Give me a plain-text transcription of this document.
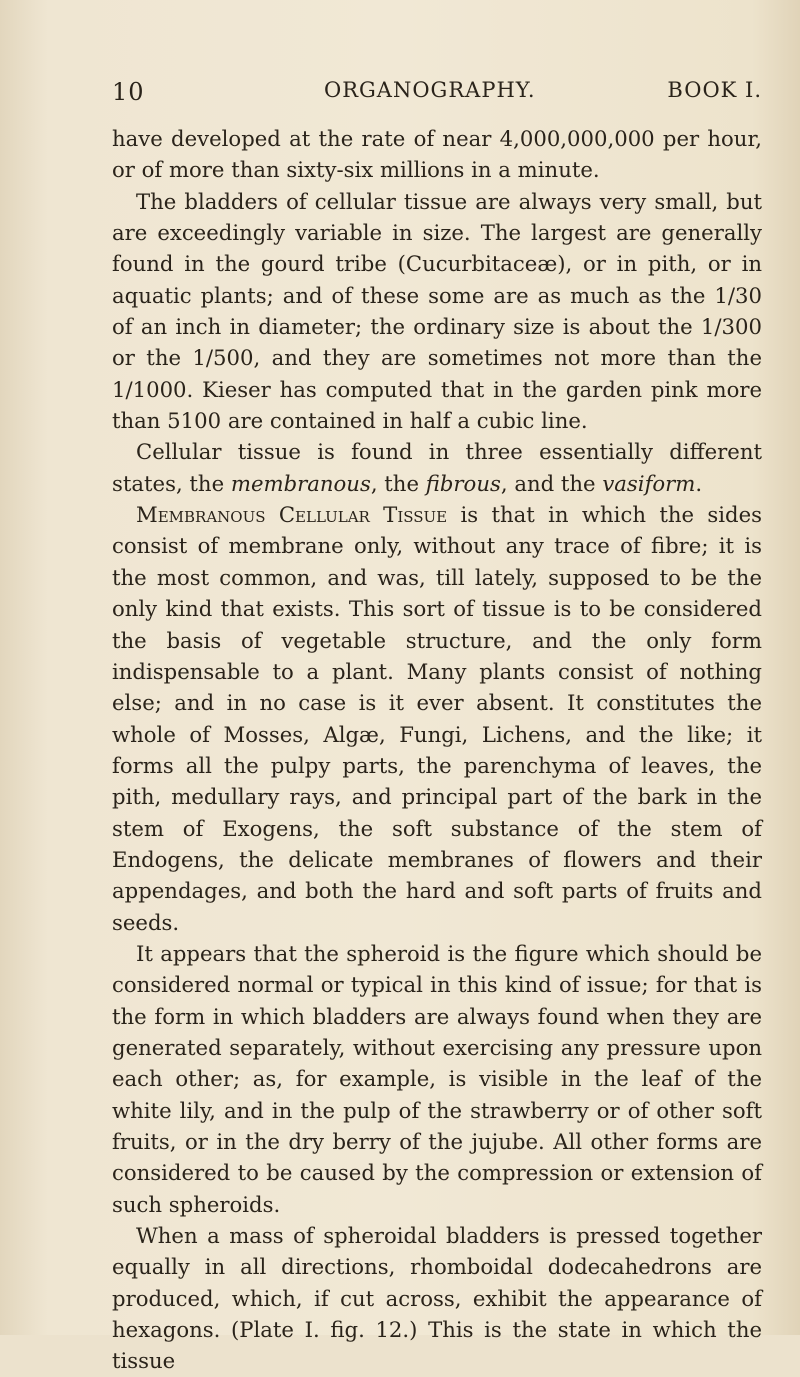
10	ORGANOGRAPHY.	BOOK I.

have developed at the rate of near 4,000,000,000 per hour, or of more than sixty-six millions in a minute.

The bladders of cellular tissue are always very small, but are exceedingly variable in size. The largest are generally found in the gourd tribe (Cucurbitaceæ), or in pith, or in aquatic plants; and of these some are as much as the 1/30 of an inch in diameter; the ordinary size is about the 1/300 or the 1/500, and they are sometimes not more than the 1/1000. Kieser has computed that in the garden pink more than 5100 are contained in half a cubic line.

Cellular tissue is found in three essentially different states, the membranous, the fibrous, and the vasiform.

Membranous Cellular Tissue is that in which the sides consist of membrane only, without any trace of fibre; it is the most common, and was, till lately, supposed to be the only kind that exists. This sort of tissue is to be considered the basis of vegetable structure, and the only form indispensable to a plant. Many plants consist of nothing else; and in no case is it ever absent. It constitutes the whole of Mosses, Algæ, Fungi, Lichens, and the like; it forms all the pulpy parts, the parenchyma of leaves, the pith, medullary rays, and principal part of the bark in the stem of Exogens, the soft substance of the stem of Endogens, the delicate membranes of flowers and their appendages, and both the hard and soft parts of fruits and seeds.

It appears that the spheroid is the figure which should be considered normal or typical in this kind of issue; for that is the form in which bladders are always found when they are generated separately, without exercising any pressure upon each other; as, for example, is visible in the leaf of the white lily, and in the pulp of the strawberry or of other soft fruits, or in the dry berry of the jujube. All other forms are considered to be caused by the compression or extension of such spheroids.

When a mass of spheroidal bladders is pressed together equally in all directions, rhomboidal dodecahedrons are produced, which, if cut across, exhibit the appearance of hexagons. (Plate I. fig. 12.) This is the state in which the tissue
